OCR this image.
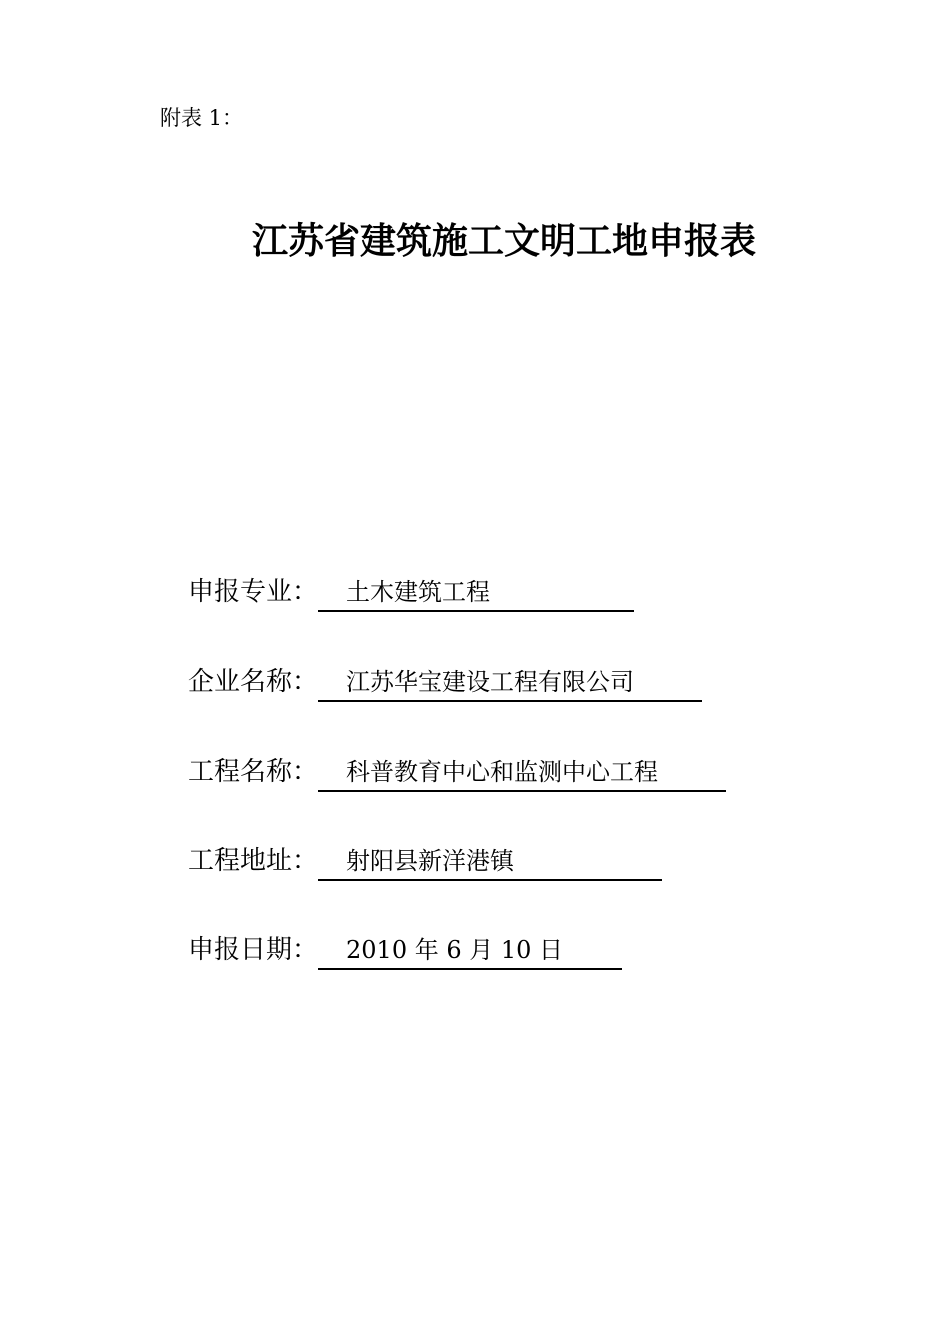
附表 1：
江苏省建筑施工文明工地申报表
申报专业：	土木建筑工程
企业名称：	江苏华宝建设工程有限公司
工程名称：	科普教育中心和监测中心工程
工程地址：	射阳县新洋港镇
申报日期：	2010 年 6 月 10 日
